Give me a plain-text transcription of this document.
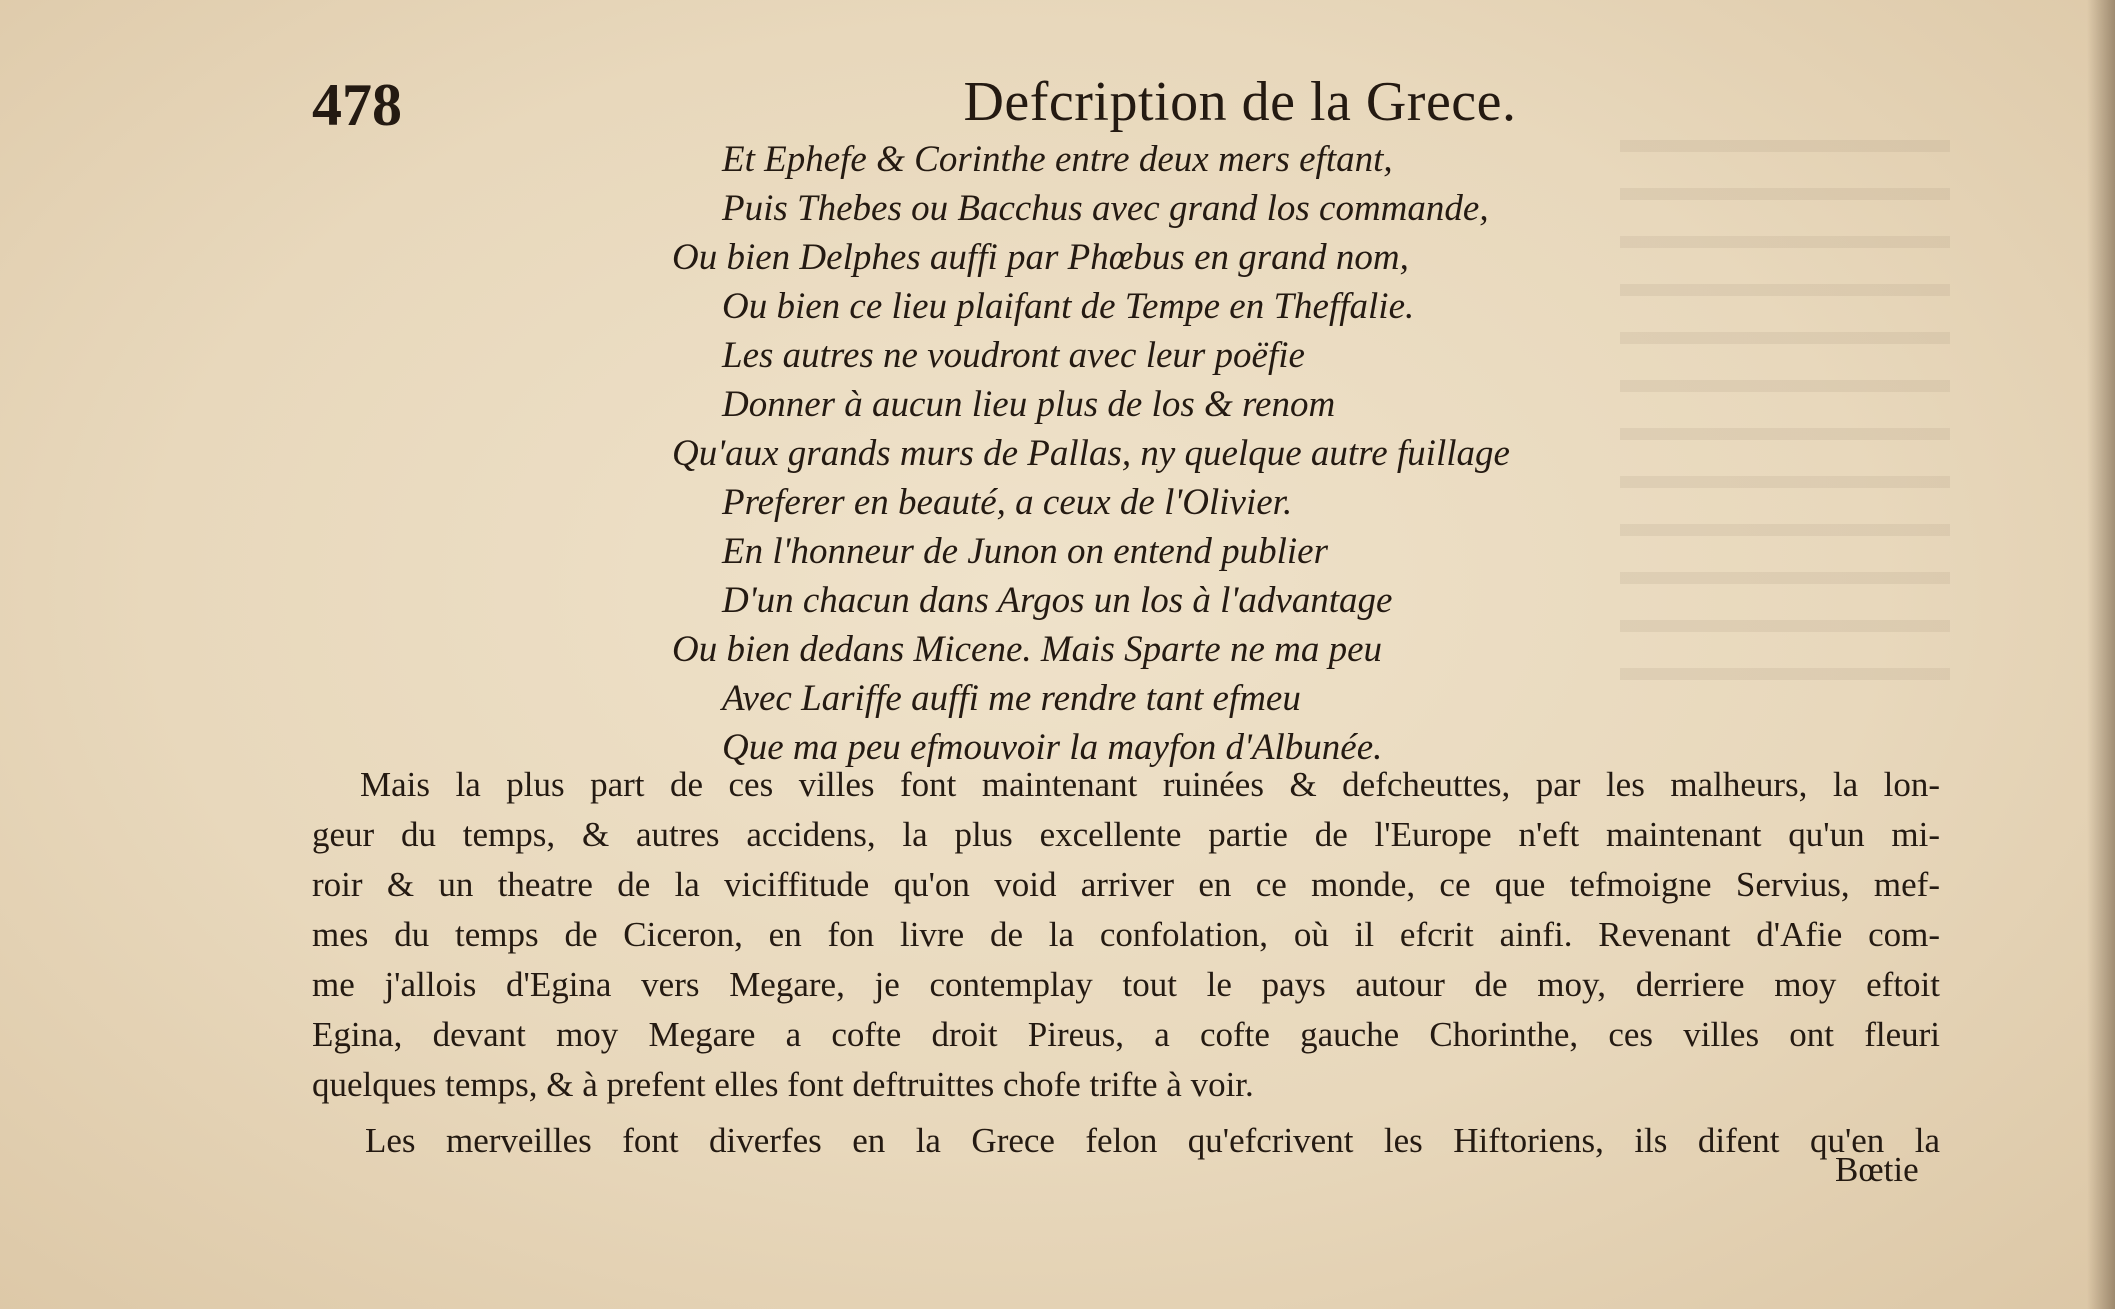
478	Defcription de la Grece.
Et Ephefe & Corinthe entre deux mers eftant,
Puis Thebes ou Bacchus avec grand los commande,
Ou bien Delphes auffi par Phœbus en grand nom,
Ou bien ce lieu plaifant de Tempe en Theffalie.
Les autres ne voudront avec leur poëfie
Donner à aucun lieu plus de los & renom
Qu'aux grands murs de Pallas, ny quelque autre fuillage
Preferer en beauté, a ceux de l'Olivier.
En l'honneur de Junon on entend publier
D'un chacun dans Argos un los à l'advantage
Ou bien dedans Micene. Mais Sparte ne ma peu
Avec Lariffe auffi me rendre tant efmeu
Que ma peu efmouvoir la mayfon d'Albunée.
Mais la plus part de ces villes font maintenant ruinées & defcheuttes, par les malheurs, la lon-
geur du temps, & autres accidens, la plus excellente partie de l'Europe n'eft maintenant qu'un mi-
roir & un theatre de la viciffitude qu'on void arriver en ce monde, ce que tefmoigne Servius, mef-
mes du temps de Ciceron, en fon livre de la confolation, où il efcrit ainfi. Revenant d'Afie com-
me j'allois d'Egina vers Megare, je contemplay tout le pays autour de moy, derriere moy eftoit
Egina, devant moy Megare a cofte droit Pireus, a cofte gauche Chorinthe, ces villes ont fleuri
quelques temps, & à prefent elles font deftruittes chofe trifte à voir.
Les merveilles font diverfes en la Grece felon qu'efcrivent les Hiftoriens, ils difent qu'en la
Bœtie
